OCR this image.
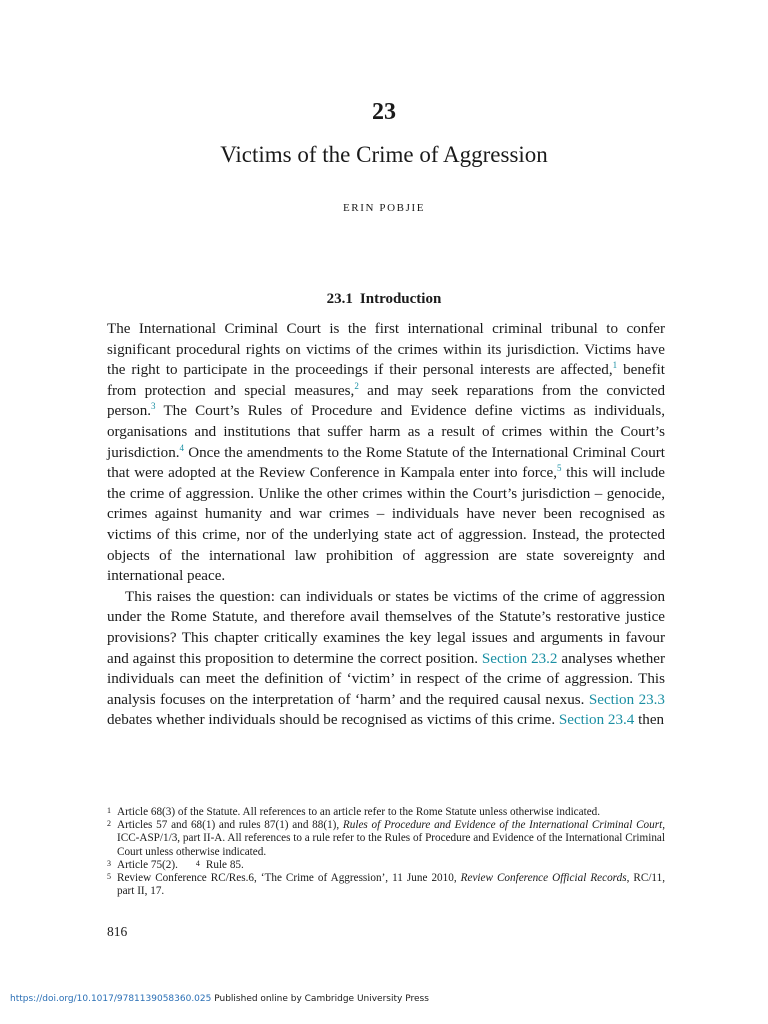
23
Victims of the Crime of Aggression
ERIN POBJIE
23.1 Introduction

The International Criminal Court is the first international criminal tribunal to confer significant procedural rights on victims of the crimes within its jurisdiction. Victims have the right to participate in the proceedings if their personal interests are affected,$^1$ benefit from protection and special measures,$^2$ and may seek reparations from the convicted person.$^3$ The Court’s Rules of Procedure and Evidence define victims as individuals, organisations and institutions that suffer harm as a result of crimes within the Court’s jurisdiction.$^4$ Once the amendments to the Rome Statute of the International Criminal Court that were adopted at the Review Conference in Kampala enter into force,$^5$ this will include the crime of aggression. Unlike the other crimes within the Court’s jurisdiction – genocide, crimes against humanity and war crimes – individuals have never been recognised as victims of this crime, nor of the underlying state act of aggression. Instead, the protected objects of the international law prohibition of aggression are state sovereignty and international peace.

This raises the question: can individuals or states be victims of the crime of aggression under the Rome Statute, and therefore avail themselves of the Statute’s restorative justice provisions? This chapter critically examines the key legal issues and arguments in favour and against this proposition to determine the correct position. Section 23.2 analyses whether individuals can meet the definition of ‘victim’ in respect of the crime of aggression. This analysis focuses on the interpretation of ‘harm’ and the required causal nexus. Section 23.3 debates whether individuals should be recognised as victims of this crime. Section 23.4 then

1 Article 68(3) of the Statute. All references to an article refer to the Rome Statute unless otherwise indicated.
2 Articles 57 and 68(1) and rules 87(1) and 88(1), Rules of Procedure and Evidence of the International Criminal Court, ICC-ASP/1/3, part II-A. All references to a rule refer to the Rules of Procedure and Evidence of the International Criminal Court unless otherwise indicated.
3 Article 75(2). 4 Rule 85.
5 Review Conference RC/Res.6, ‘The Crime of Aggression’, 11 June 2010, Review Conference Official Records, RC/11, part II, 17.
816
https://doi.org/10.1017/9781139058360.025 Published online by Cambridge University Press
